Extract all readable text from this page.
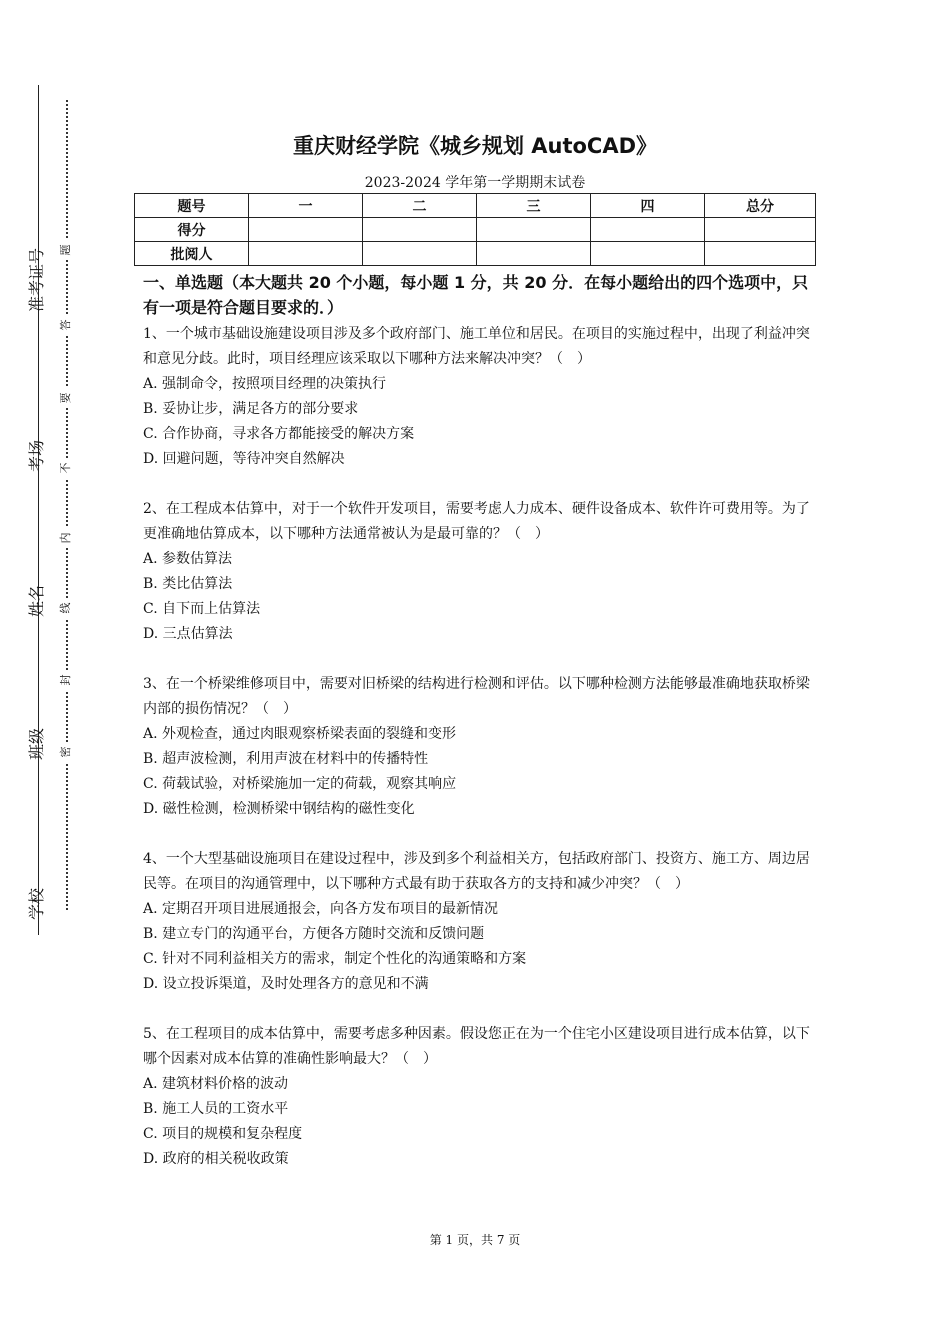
准考证号
考场
姓名
班级
学校
题
答
要
不
内
线
封
密
重庆财经学院《城乡规划 AutoCAD》
2023-2024 学年第一学期期末试卷
题号	一	二	三	四	总分
得分					
批阅人					
一、单选题（本大题共 20 个小题，每小题 1 分，共 20 分．在每小题给出的四个选项中，只有一项是符合题目要求的．）
1、一个城市基础设施建设项目涉及多个政府部门、施工单位和居民。在项目的实施过程中，出现了利益冲突和意见分歧。此时，项目经理应该采取以下哪种方法来解决冲突？（　）
A. 强制命令，按照项目经理的决策执行
B. 妥协让步，满足各方的部分要求
C. 合作协商，寻求各方都能接受的解决方案
D. 回避问题，等待冲突自然解决
2、在工程成本估算中，对于一个软件开发项目，需要考虑人力成本、硬件设备成本、软件许可费用等。为了更准确地估算成本，以下哪种方法通常被认为是最可靠的？（　）
A. 参数估算法
B. 类比估算法
C. 自下而上估算法
D. 三点估算法
3、在一个桥梁维修项目中，需要对旧桥梁的结构进行检测和评估。以下哪种检测方法能够最准确地获取桥梁内部的损伤情况？（　）
A. 外观检查，通过肉眼观察桥梁表面的裂缝和变形
B. 超声波检测，利用声波在材料中的传播特性
C. 荷载试验，对桥梁施加一定的荷载，观察其响应
D. 磁性检测，检测桥梁中钢结构的磁性变化
4、一个大型基础设施项目在建设过程中，涉及到多个利益相关方，包括政府部门、投资方、施工方、周边居民等。在项目的沟通管理中，以下哪种方式最有助于获取各方的支持和减少冲突？（　）
A. 定期召开项目进展通报会，向各方发布项目的最新情况
B. 建立专门的沟通平台，方便各方随时交流和反馈问题
C. 针对不同利益相关方的需求，制定个性化的沟通策略和方案
D. 设立投诉渠道，及时处理各方的意见和不满
5、在工程项目的成本估算中，需要考虑多种因素。假设您正在为一个住宅小区建设项目进行成本估算，以下哪个因素对成本估算的准确性影响最大？（　）
A. 建筑材料价格的波动
B. 施工人员的工资水平
C. 项目的规模和复杂程度
D. 政府的相关税收政策
第 1 页，共 7 页
